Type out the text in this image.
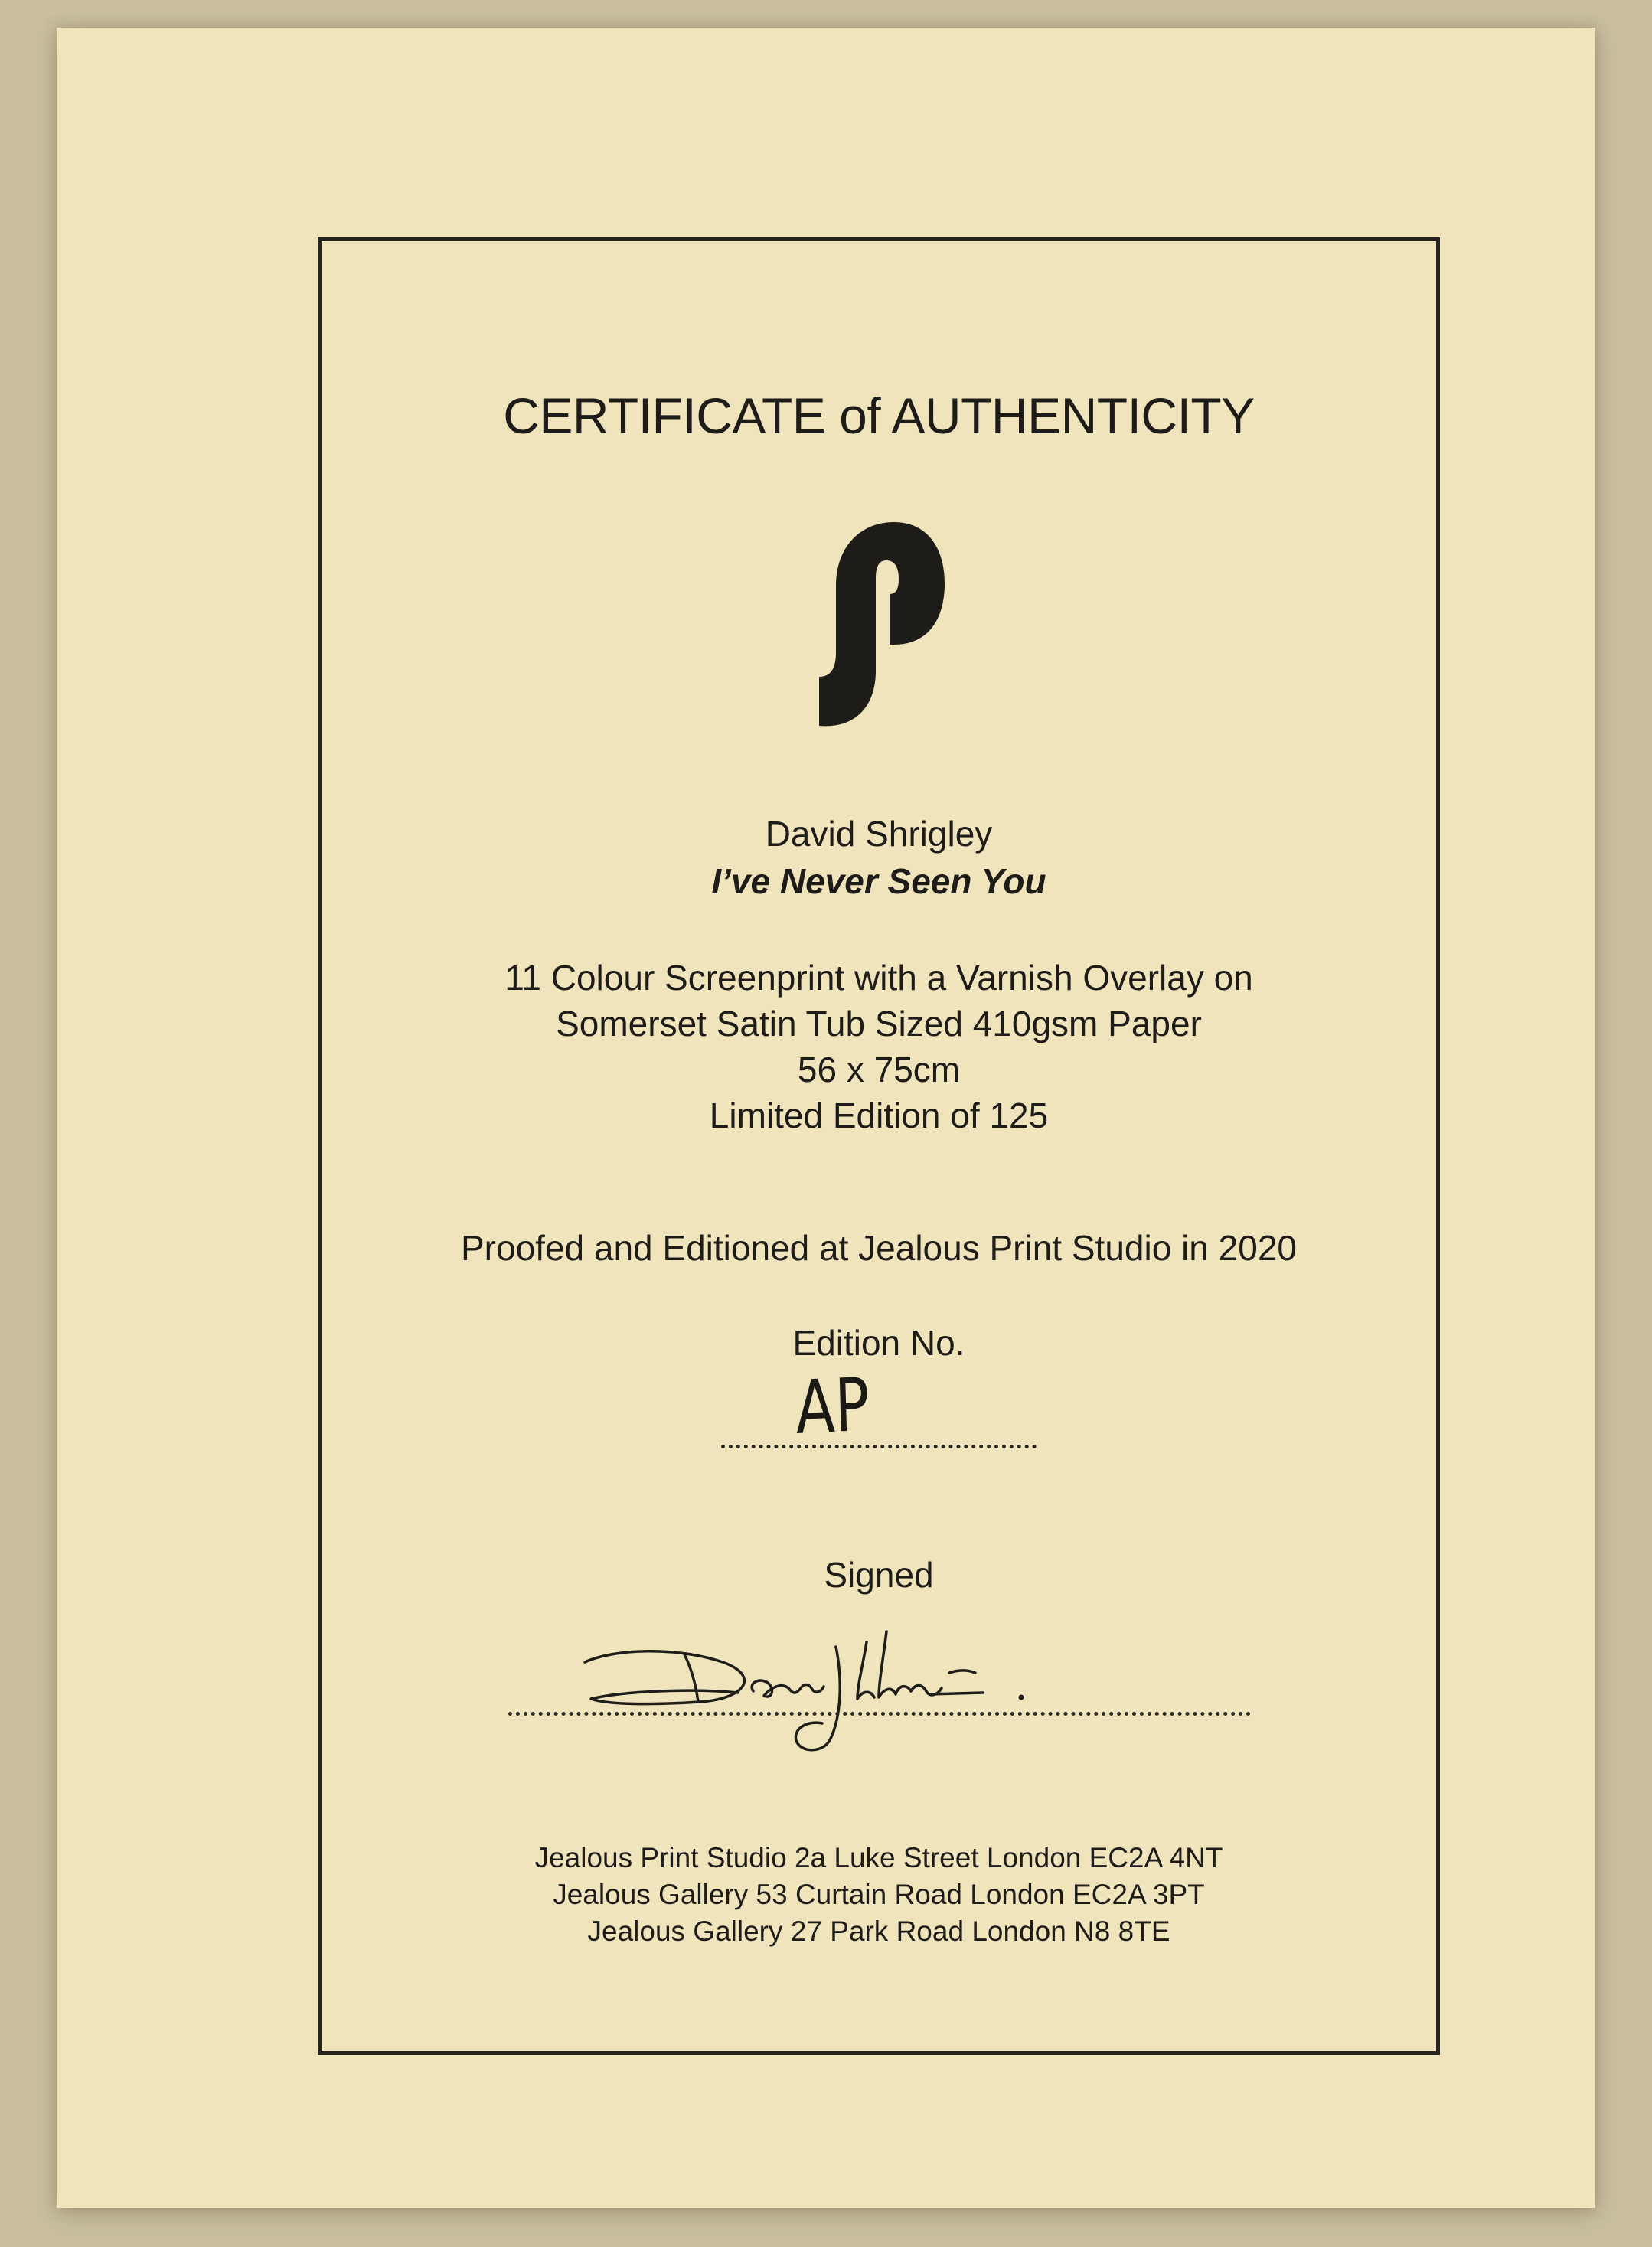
CERTIFICATE of AUTHENTICITY
David Shrigley
I’ve Never Seen You
11 Colour Screenprint with a Varnish Overlay on
Somerset Satin Tub Sized 410gsm Paper
56 x 75cm
Limited Edition of 125
Proofed and Editioned at Jealous Print Studio in 2020
Edition No.
AP
Signed
Jealous Print Studio 2a Luke Street London EC2A 4NT
Jealous Gallery 53 Curtain Road London EC2A 3PT
Jealous Gallery 27 Park Road London N8 8TE
